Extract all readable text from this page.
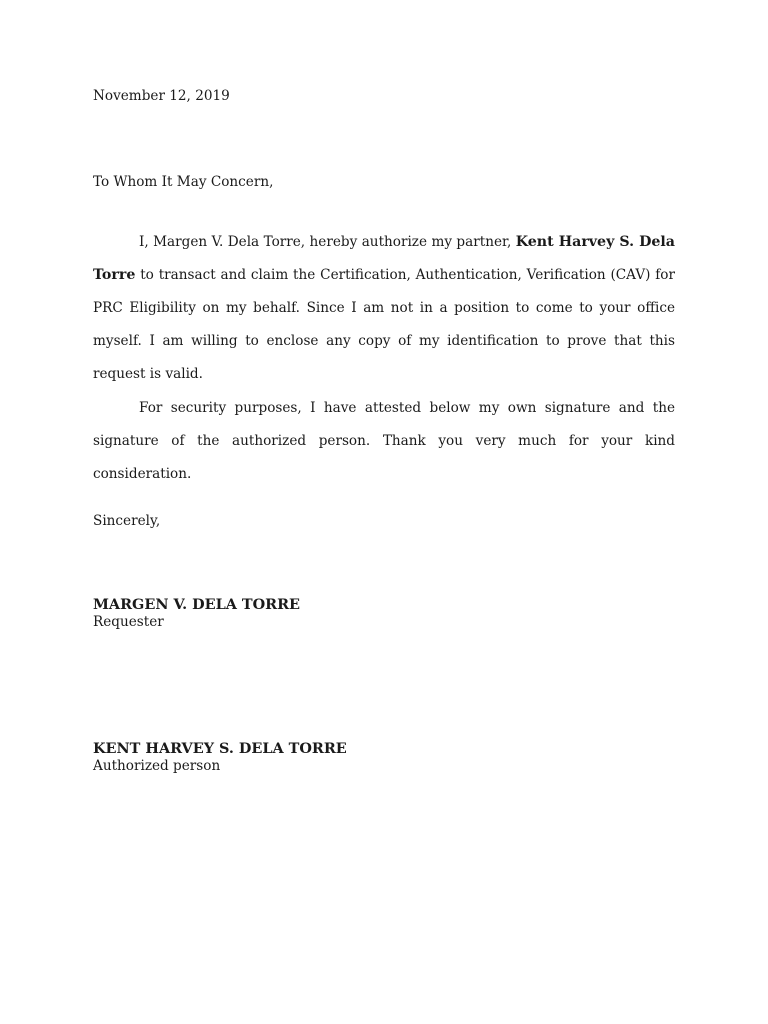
November 12, 2019
To Whom It May Concern,
I, Margen V. Dela Torre, hereby authorize my partner, Kent Harvey S. Dela Torre to transact and claim the Certification, Authentication, Verification (CAV) for PRC Eligibility on my behalf. Since I am not in a position to come to your office myself. I am willing to enclose any copy of my identification to prove that this request is valid.
For security purposes, I have attested below my own signature and the signature of the authorized person. Thank you very much for your kind consideration.
Sincerely,
MARGEN V. DELA TORRE
Requester
KENT HARVEY S. DELA TORRE
Authorized person
